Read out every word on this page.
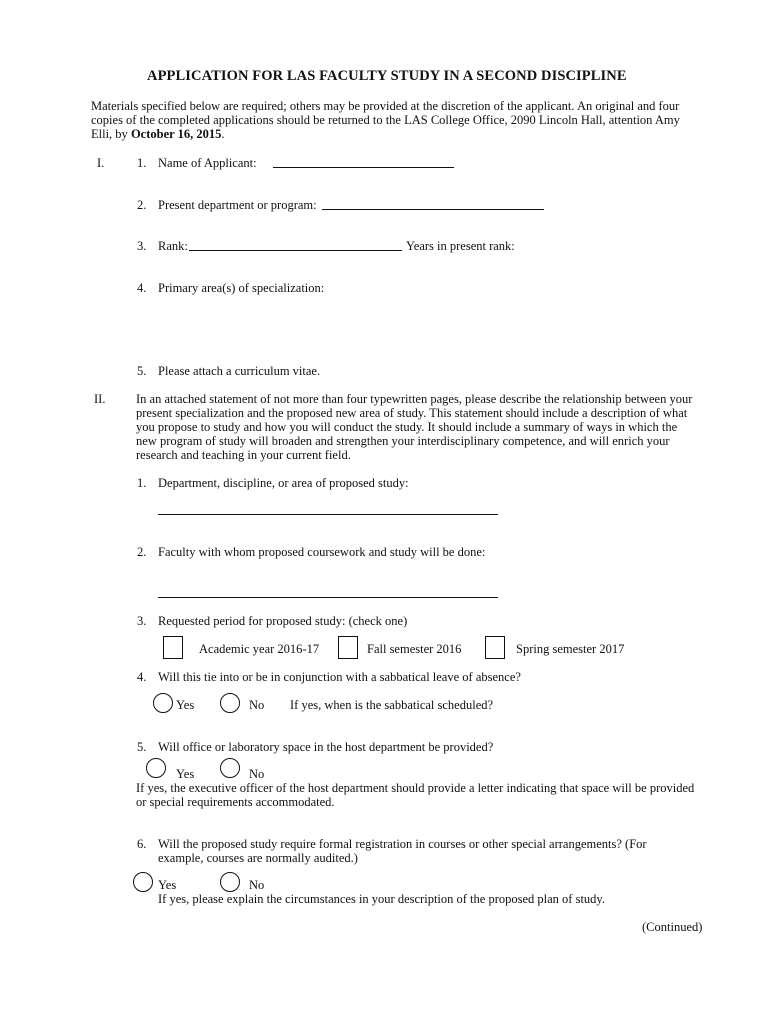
APPLICATION FOR LAS FACULTY STUDY IN A SECOND DISCIPLINE
Materials specified below are required; others may be provided at the discretion of the applicant. An original and four
copies of the completed applications should be returned to the LAS College Office, 2090 Lincoln Hall, attention Amy
Elli, by October 16, 2015.
I.	1. Name of Applicant:
2. Present department or program:
3. Rank:	Years in present rank:
4. Primary area(s) of specialization:
5. Please attach a curriculum vitae.
II. In an attached statement of not more than four typewritten pages, please describe the relationship between your
present specialization and the proposed new area of study. This statement should include a description of what
you propose to study and how you will conduct the study. It should include a summary of ways in which the
new program of study will broaden and strengthen your interdisciplinary competence, and will enrich your
research and teaching in your current field.
1. Department, discipline, or area of proposed study:
2. Faculty with whom proposed coursework and study will be done:
3. Requested period for proposed study: (check one)
Academic year 2016-17	Fall semester 2016	Spring semester 2017
4. Will this tie into or be in conjunction with a sabbatical leave of absence?
Yes	No If yes, when is the sabbatical scheduled?
5. Will office or laboratory space in the host department be provided?
Yes	No
If yes, the executive officer of the host department should provide a letter indicating that space will be provided
or special requirements accommodated.
6. Will the proposed study require formal registration in courses or other special arrangements? (For
example, courses are normally audited.)
Yes	No
If yes, please explain the circumstances in your description of the proposed plan of study.
(Continued)
